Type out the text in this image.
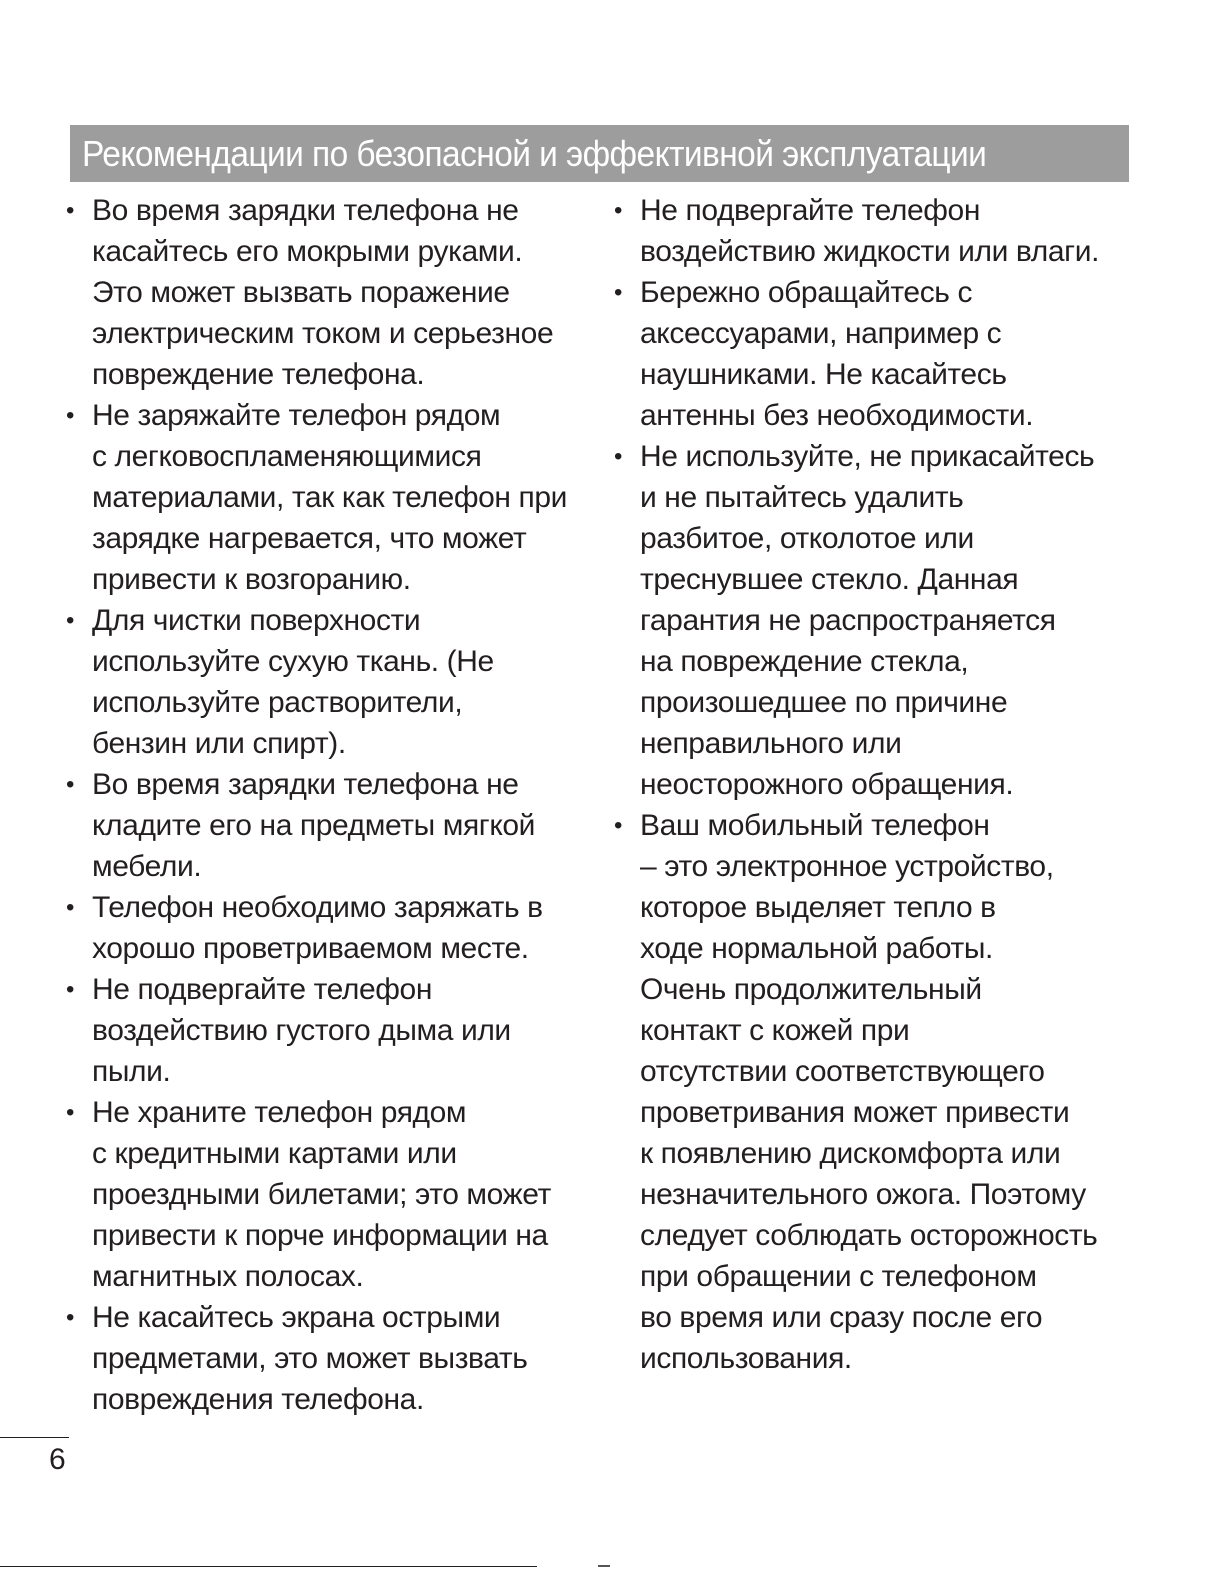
Рекомендации по безопасной и эффективной эксплуатации
• Во время зарядки телефона не
касайтесь его мокрыми руками.
Это может вызвать поражение
электрическим током и серьезное
повреждение телефона.
• Не заряжайте телефон рядом
с легковоспламеняющимися
материалами, так как телефон при
зарядке нагревается, что может
привести к возгоранию.
• Для чистки поверхности
используйте сухую ткань. (Не
используйте растворители,
бензин или спирт).
• Во время зарядки телефона не
кладите его на предметы мягкой
мебели.
• Телефон необходимо заряжать в
хорошо проветриваемом месте.
• Не подвергайте телефон
воздействию густого дыма или
пыли.
• Не храните телефон рядом
с кредитными картами или
проездными билетами; это может
привести к порче информации на
магнитных полосах.
• Не касайтесь экрана острыми
предметами, это может вызвать
повреждения телефона.
• Не подвергайте телефон
воздействию жидкости или влаги.
• Бережно обращайтесь с
аксессуарами, например с
наушниками. Не касайтесь
антенны без необходимости.
• Не используйте, не прикасайтесь
и не пытайтесь удалить
разбитое, отколотое или
треснувшее стекло. Данная
гарантия не распространяется
на повреждение стекла,
произошедшее по причине
неправильного или
неосторожного обращения.
• Ваш мобильный телефон
– это электронное устройство,
которое выделяет тепло в
ходе нормальной работы.
Очень продолжительный
контакт с кожей при
отсутствии соответствующего
проветривания может привести
к появлению дискомфорта или
незначительного ожога. Поэтому
следует соблюдать осторожность
при обращении с телефоном
во время или сразу после его
использования.
6
